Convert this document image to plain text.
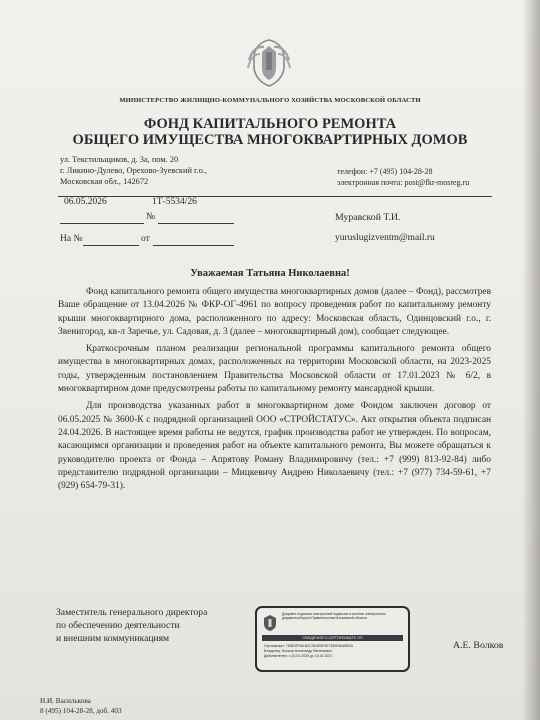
МИНИСТЕРСТВО ЖИЛИЩНО-КОММУНАЛЬНОГО ХОЗЯЙСТВА МОСКОВСКОЙ ОБЛАСТИ
ФОНД КАПИТАЛЬНОГО РЕМОНТА
ОБЩЕГО ИМУЩЕСТВА МНОГОКВАРТИРНЫХ ДОМОВ
ул. Текстильщиков, д. 3а, пом. 20
г. Ликино-Дулево, Орехово-Зуевский г.о.,
Московская обл., 142672
телефон: +7 (495) 104-28-28
электронная почта: post@fkr-mosreg.ru
06.05.2026	1Т-5534/26
№
На №	от
Муравской Т.И.
yuruslugizventm@mail.ru
Уважаемая Татьяна Николаевна!

Фонд капитального ремонта общего имущества многоквартирных домов (далее – Фонд), рассмотрев Ваше обращение от 13.04.2026 № ФКР-ОГ-4961 по вопросу проведения работ по капитальному ремонту крыши многоквартирного дома, расположенного по адресу: Московская область, Одинцовский г.о., г. Звенигород, кв-л Заречье, ул. Садовая, д. 3 (далее – многоквартирный дом), сообщает следующее.

Краткосрочным планом реализации региональной программы капитального ремонта общего имущества в многоквартирных домах, расположенных на территории Московской области, на 2023-2025 годы, утвержденным постановлением Правительства Московской области от 17.01.2023 № 6/2, в многоквартирном доме предусмотрены работы по капитальному ремонту мансардной крыши.

Для производства указанных работ в многоквартирном доме Фондом заключен договор от 06.05.2025 № 3600-К с подрядной организацией ООО «СТРОЙСТАТУС». Акт открытия объекта подписан 24.04.2026. В настоящее время работы не ведутся, график производства работ не утвержден. По вопросам, касающимся организации и проведения работ на объекте капитального ремонта, Вы можете обращаться к руководителю проекта от Фонда – Апрятову Роману Владимировичу (тел.: +7 (999) 813-92-84) либо представителю подрядной организации – Мицкевичу Андрею Николаевичу (тел.: +7 (977) 734-59-61, +7 (929) 654-79-31).

Заместитель генерального директора
по обеспечению деятельности
и внешним коммуникациям
Документ подписан электронной подписью в системе электронного документооборота Правительства Московской области
СВЕДЕНИЯ О СЕРТИФИКАТЕ ЭП
Сертификат: 7D8E9F0A1B2C3D4E5F60718293A4B5C6
Владелец: Волков Александр Евгеньевич
Действителен: с 10.02.2026 до 10.02.2027
А.Е. Волков
Н.И. Василькова
8 (495) 104-28-28, доб. 403
